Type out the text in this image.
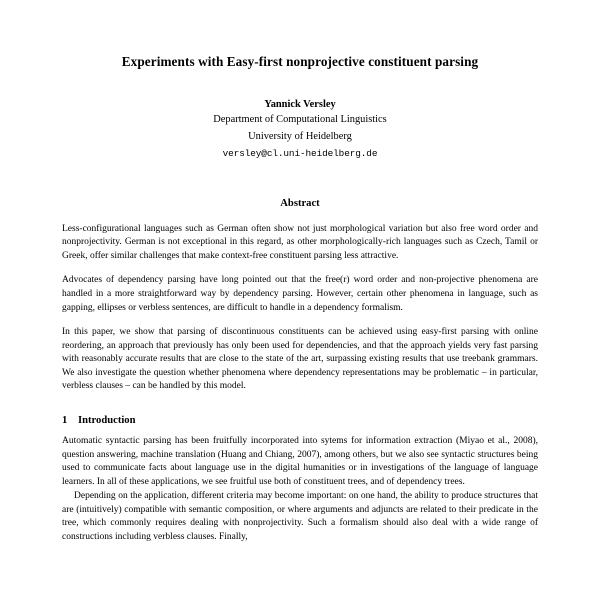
Experiments with Easy-first nonprojective constituent parsing
Yannick Versley
Department of Computational Linguistics
University of Heidelberg
versley@cl.uni-heidelberg.de
Abstract

Less-configurational languages such as German often show not just morphological variation but also free word order and nonprojectivity. German is not exceptional in this regard, as other morphologically-rich languages such as Czech, Tamil or Greek, offer similar challenges that make context-free constituent parsing less attractive.

Advocates of dependency parsing have long pointed out that the free(r) word order and non-projective phenomena are handled in a more straightforward way by dependency parsing. However, certain other phenomena in language, such as gapping, ellipses or verbless sentences, are difficult to handle in a dependency formalism.

In this paper, we show that parsing of discontinuous constituents can be achieved using easy-first parsing with online reordering, an approach that previously has only been used for dependencies, and that the approach yields very fast parsing with reasonably accurate results that are close to the state of the art, surpassing existing results that use treebank grammars. We also investigate the question whether phenomena where dependency representations may be problematic – in particular, verbless clauses – can be handled by this model.

1 Introduction

Automatic syntactic parsing has been fruitfully incorporated into sytems for information extraction (Miyao et al., 2008), question answering, machine translation (Huang and Chiang, 2007), among others, but we also see syntactic structures being used to communicate facts about language use in the digital humanities or in investigations of the language of language learners. In all of these applications, we see fruitful use both of constituent trees, and of dependency trees.

Depending on the application, different criteria may become important: on one hand, the ability to produce structures that are (intuitively) compatible with semantic composition, or where arguments and adjuncts are related to their predicate in the tree, which commonly requires dealing with nonprojectivity. Such a formalism should also deal with a wide range of constructions including verbless clauses. Finally,
